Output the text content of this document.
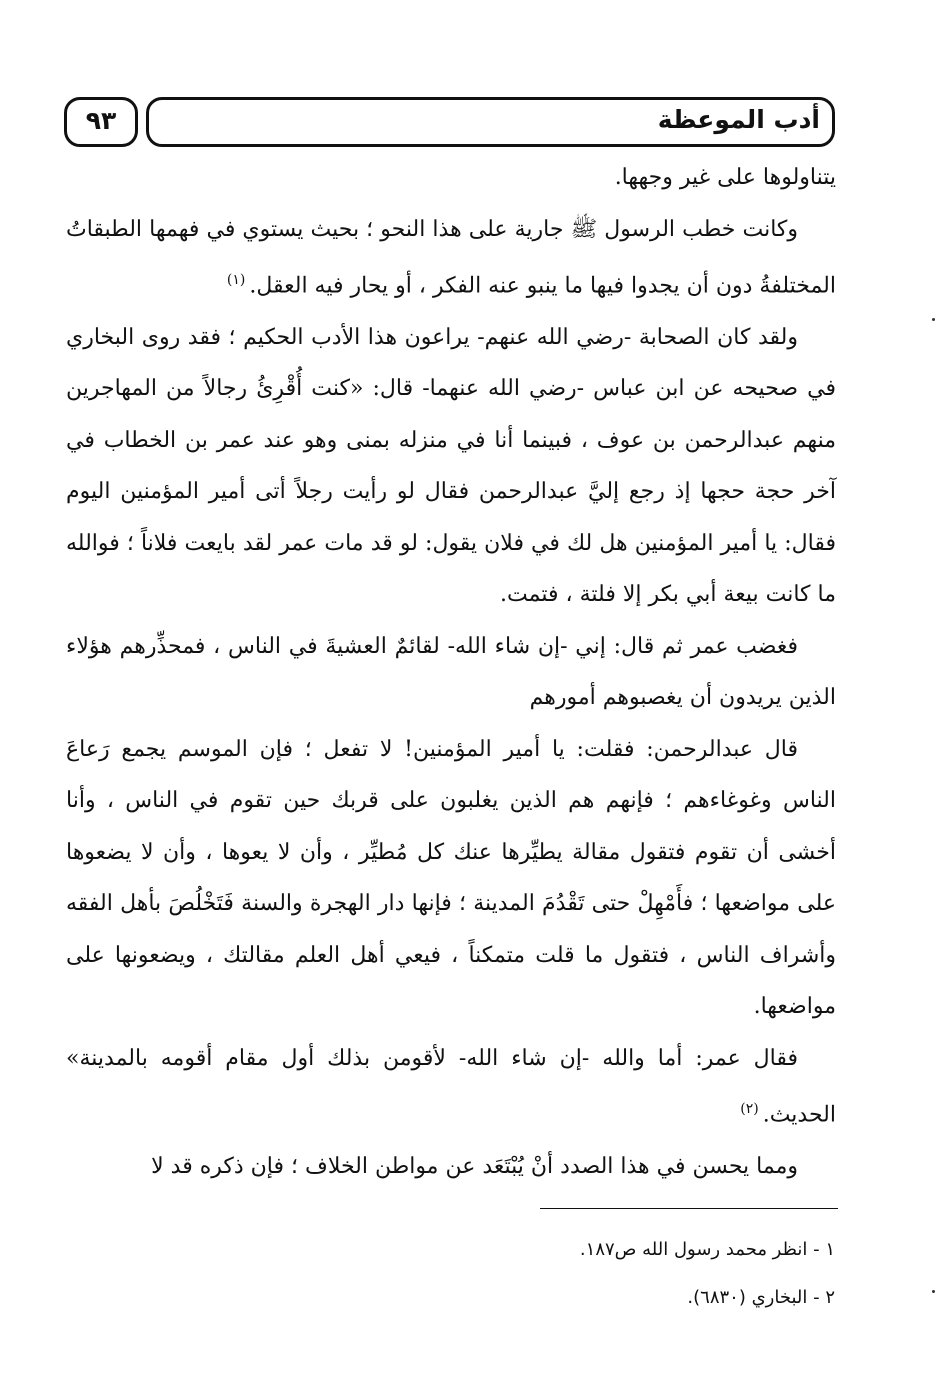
أدب الموعظة
٩٣

يتناولوها على غير وجهها.

وكانت خطب الرسول ﷺ جارية على هذا النحو ؛ بحيث يستوي في فهمها الطبقاتُ المختلفةُ دون أن يجدوا فيها ما ينبو عنه الفكر ، أو يحار فيه العقل.$^{(١)}$

ولقد كان الصحابة -رضي الله عنهم- يراعون هذا الأدب الحكيم ؛ فقد روى البخاري في صحيحه عن ابن عباس -رضي الله عنهما- قال: «كنت أُقْرِئُ رجالاً من المهاجرين منهم عبدالرحمن بن عوف ، فبينما أنا في منزله بمنى وهو عند عمر بن الخطاب في آخر حجة حجها إذ رجع إليَّ عبدالرحمن فقال لو رأيت رجلاً أتى أمير المؤمنين اليوم فقال: يا أمير المؤمنين هل لك في فلان يقول: لو قد مات عمر لقد بايعت فلاناً ؛ فوالله ما كانت بيعة أبي بكر إلا فلتة ، فتمت.

فغضب عمر ثم قال: إني -إن شاء الله- لقائمٌ العشيةَ في الناس ، فمحذِّرهم هؤلاء الذين يريدون أن يغصبوهم أمورهم

قال عبدالرحمن: فقلت: يا أمير المؤمنين! لا تفعل ؛ فإن الموسم يجمع رَعاعَ الناس وغوغاءهم ؛ فإنهم هم الذين يغلبون على قربك حين تقوم في الناس ، وأنا أخشى أن تقوم فتقول مقالة يطيِّرها عنك كل مُطيِّر ، وأن لا يعوها ، وأن لا يضعوها على مواضعها ؛ فأَمْهِلْ حتى تَقْدُمَ المدينة ؛ فإنها دار الهجرة والسنة فَتَخْلُصَ بأهل الفقه وأشراف الناس ، فتقول ما قلت متمكناً ، فيعي أهل العلم مقالتك ، ويضعونها على مواضعها.

فقال عمر: أما والله -إن شاء الله- لأقومن بذلك أول مقام أقومه بالمدينة» الحديث.$^{(٢)}$

ومما يحسن في هذا الصدد أنْ يُبْتَعَد عن مواطن الخلاف ؛ فإن ذكره قد لا

١ - انظر محمد رسول الله ص١٨٧.
٢ - البخاري (٦٨٣٠).
